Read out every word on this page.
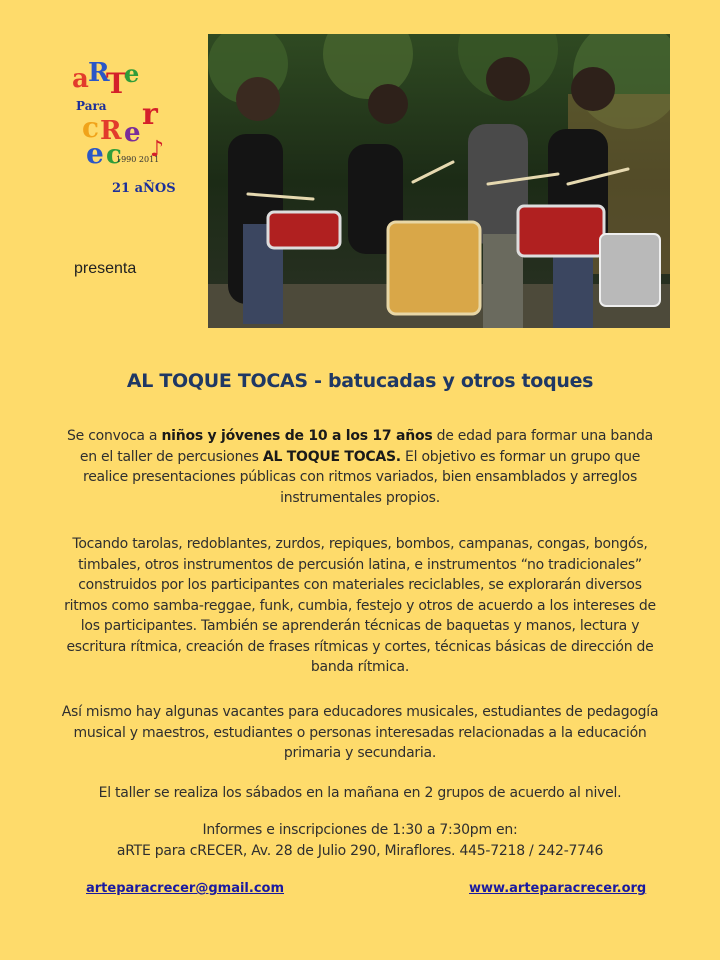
a R
T
e
Para
c R
e c
e
r
1990 2011
♪
21 aÑOS
presenta
AL TOQUE TOCAS - batucadas y otros toques
Se convoca a niños y jóvenes de 10 a los 17 años de edad para formar una banda en el taller de percusiones AL TOQUE TOCAS. El objetivo es formar un grupo que realice presentaciones públicas con ritmos variados, bien ensamblados y arreglos instrumentales propios.
Tocando tarolas, redoblantes, zurdos, repiques, bombos, campanas, congas, bongós, timbales, otros instrumentos de percusión latina, e instrumentos “no tradicionales” construidos por los participantes con materiales reciclables, se explorarán diversos ritmos como samba-reggae, funk, cumbia, festejo y otros de acuerdo a los intereses de los participantes. También se aprenderán técnicas de baquetas y manos, lectura y escritura rítmica, creación de frases rítmicas y cortes, técnicas básicas de dirección de banda rítmica.
Así mismo hay algunas vacantes para educadores musicales, estudiantes de pedagogía musical y maestros, estudiantes o personas interesadas relacionadas a la educación primaria y secundaria.
El taller se realiza los sábados en la mañana en 2 grupos de acuerdo al nivel.
Informes e inscripciones de 1:30 a 7:30pm en:
aRTE para cRECER, Av. 28 de Julio 290, Miraflores. 445-7218 / 242-7746
arteparacrecer@gmail.com	www.arteparacrecer.org
